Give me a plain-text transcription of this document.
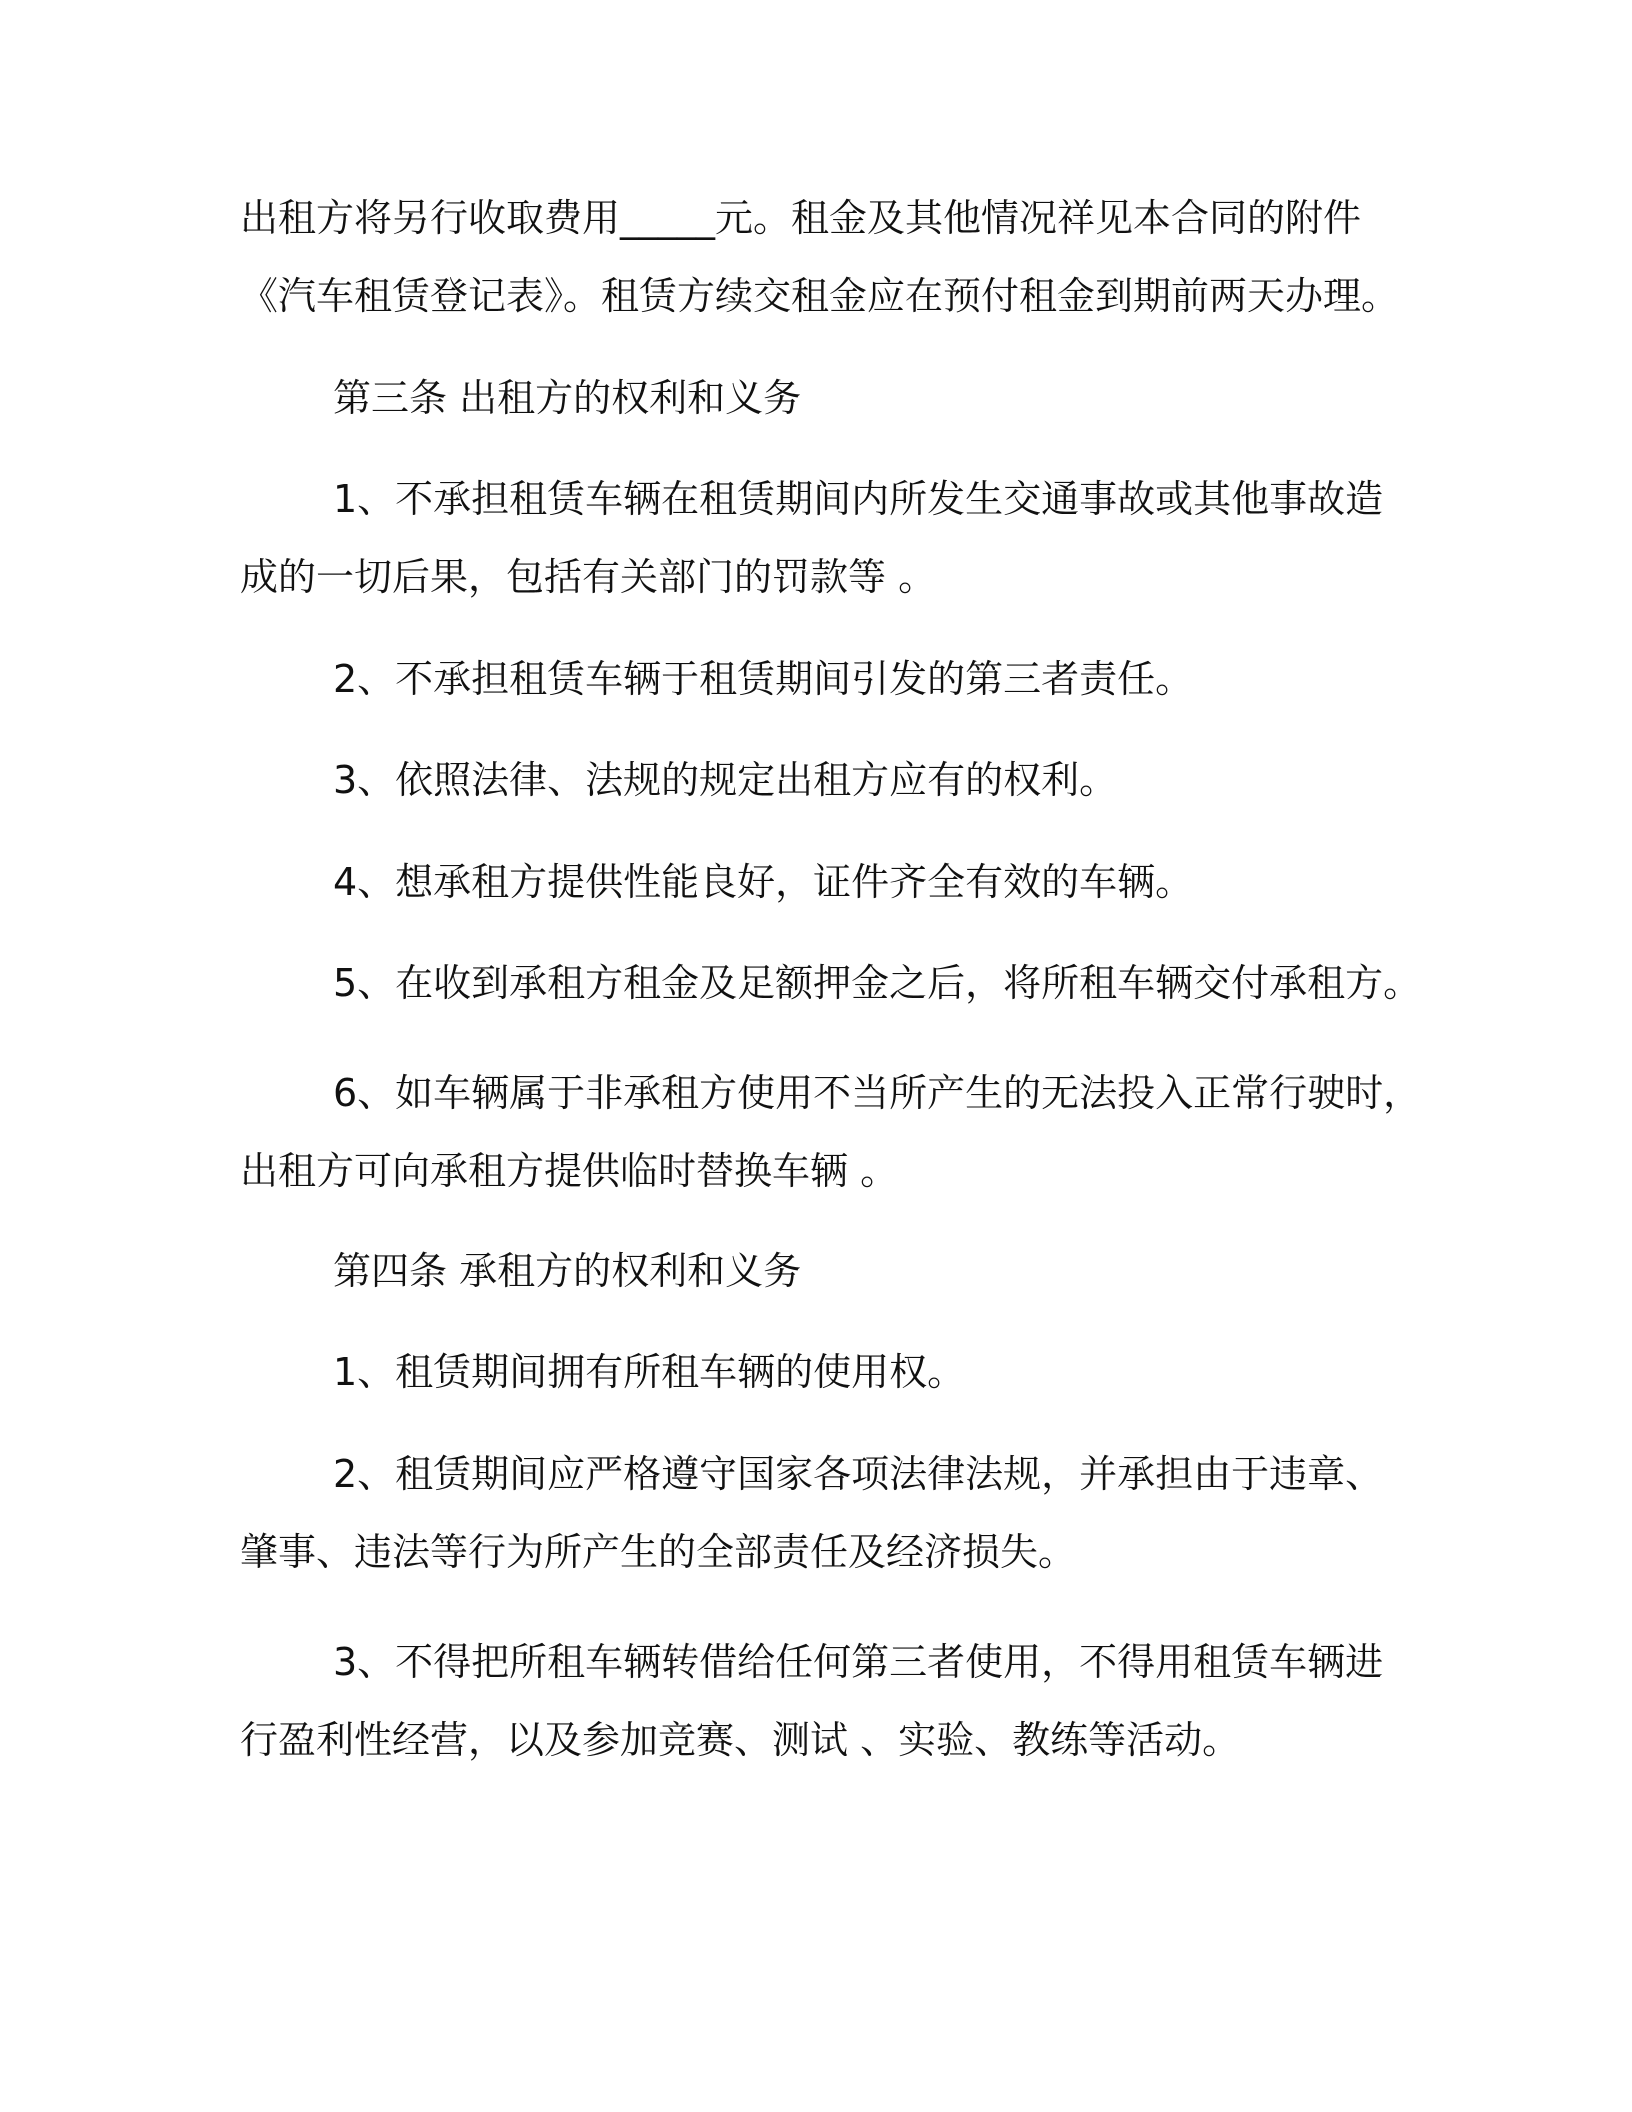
出租方将另行收取费用_____元。租金及其他情况祥见本合同的附件
《汽车租赁登记表》。租赁方续交租金应在预付租金到期前两天办理。
第三条 出租方的权利和义务
1、不承担租赁车辆在租赁期间内所发生交通事故或其他事故造
成的一切后果，包括有关部门的罚款等 。
2、不承担租赁车辆于租赁期间引发的第三者责任。
3、依照法律、法规的规定出租方应有的权利。
4、想承租方提供性能良好，证件齐全有效的车辆。
5、在收到承租方租金及足额押金之后，将所租车辆交付承租方。
6、如车辆属于非承租方使用不当所产生的无法投入正常行驶时，
出租方可向承租方提供临时替换车辆 。
第四条 承租方的权利和义务
1、租赁期间拥有所租车辆的使用权。
2、租赁期间应严格遵守国家各项法律法规，并承担由于违章、
肇事、违法等行为所产生的全部责任及经济损失。
3、不得把所租车辆转借给任何第三者使用，不得用租赁车辆进
行盈利性经营，以及参加竞赛、测试 、实验、教练等活动。
